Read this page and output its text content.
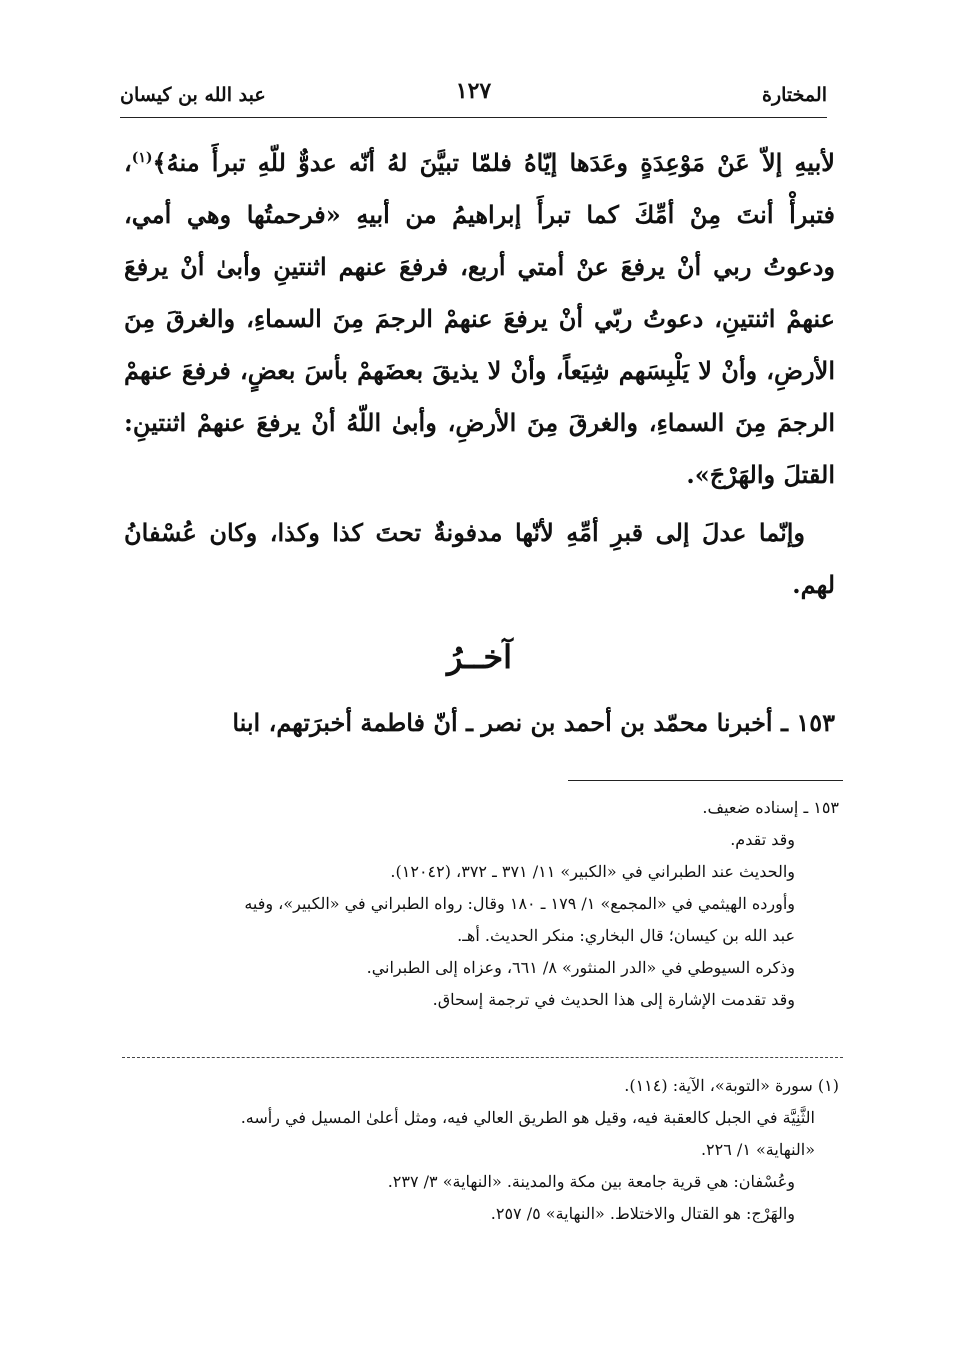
المختارة
١٢٧
عبد الله بن كيسان

لأبيهِ إلاّ عَنْ مَوْعِدَةٍ وعَدَها إيّاهُ فلمّا تبيَّنَ لهُ أنّه عدوٌّ للّهِ تبرأَ منهُ﴾$^{(١)}$، فتبرأْ أنتَ مِنْ أمِّكَ كما تبرأَ إبراهيمُ من أبيهِ «فرحمتُها وهي أمي، ودعوتُ ربي أنْ يرفعَ عنْ أمتي أربع، فرفعَ عنهم اثنتينِ وأبىٰ أنْ يرفعَ عنهمْ اثنتينِ، دعوتُ ربّي أنْ يرفعَ عنهمْ الرجمَ مِنَ السماءِ، والغرقَ مِنَ الأرضِ، وأنْ لا يَلْبِسَهم شِيَعاً، وأنْ لا يذيقَ بعضَهمْ بأسَ بعضٍ، فرفعَ عنهمْ الرجمَ مِنَ السماءِ، والغرقَ مِنَ الأرضِ، وأبىٰ اللّهُ أنْ يرفعَ عنهمْ اثنتينِ: القتلَ والهَرْجَ».

وإنّما عدلَ إلى قبرِ أمِّهِ لأنّها مدفونةٌ تحتَ كذا وكذا، وكان عُسْفانُ لهم.

آخــرُ

١٥٣ ـ أخبرنا محمّد بن أحمد بن نصر ـ أنّ فاطمة أخبرَتهم، ابنا

١٥٣ ـ إسناده ضعيف.
وقد تقدم.
والحديث عند الطبراني في «الكبير» ١١/ ٣٧١ ـ ٣٧٢، (١٢٠٤٢).
وأورده الهيثمي في «المجمع» ١/ ١٧٩ ـ ١٨٠ وقال: رواه الطبراني في «الكبير»، وفيه
عبد الله بن كيسان؛ قال البخاري: منكر الحديث. أهـ.
وذكره السيوطي في «الدر المنثور» ٨/ ٦٦١، وعزاه إلى الطبراني.
وقد تقدمت الإشارة إلى هذا الحديث في ترجمة إسحاق.
(١) سورة «التوبة»، الآية: (١١٤).
الثَّنِيَّة في الجبل كالعقبة فيه، وقيل هو الطريق العالي فيه، ومثل أعلىٰ المسيل في رأسه.
«النهاية» ١/ ٢٢٦.
وعُسْفان: هي قرية جامعة بين مكة والمدينة. «النهاية» ٣/ ٢٣٧.
والهَرْج: هو القتال والاختلاط. «النهاية» ٥/ ٢٥٧.
